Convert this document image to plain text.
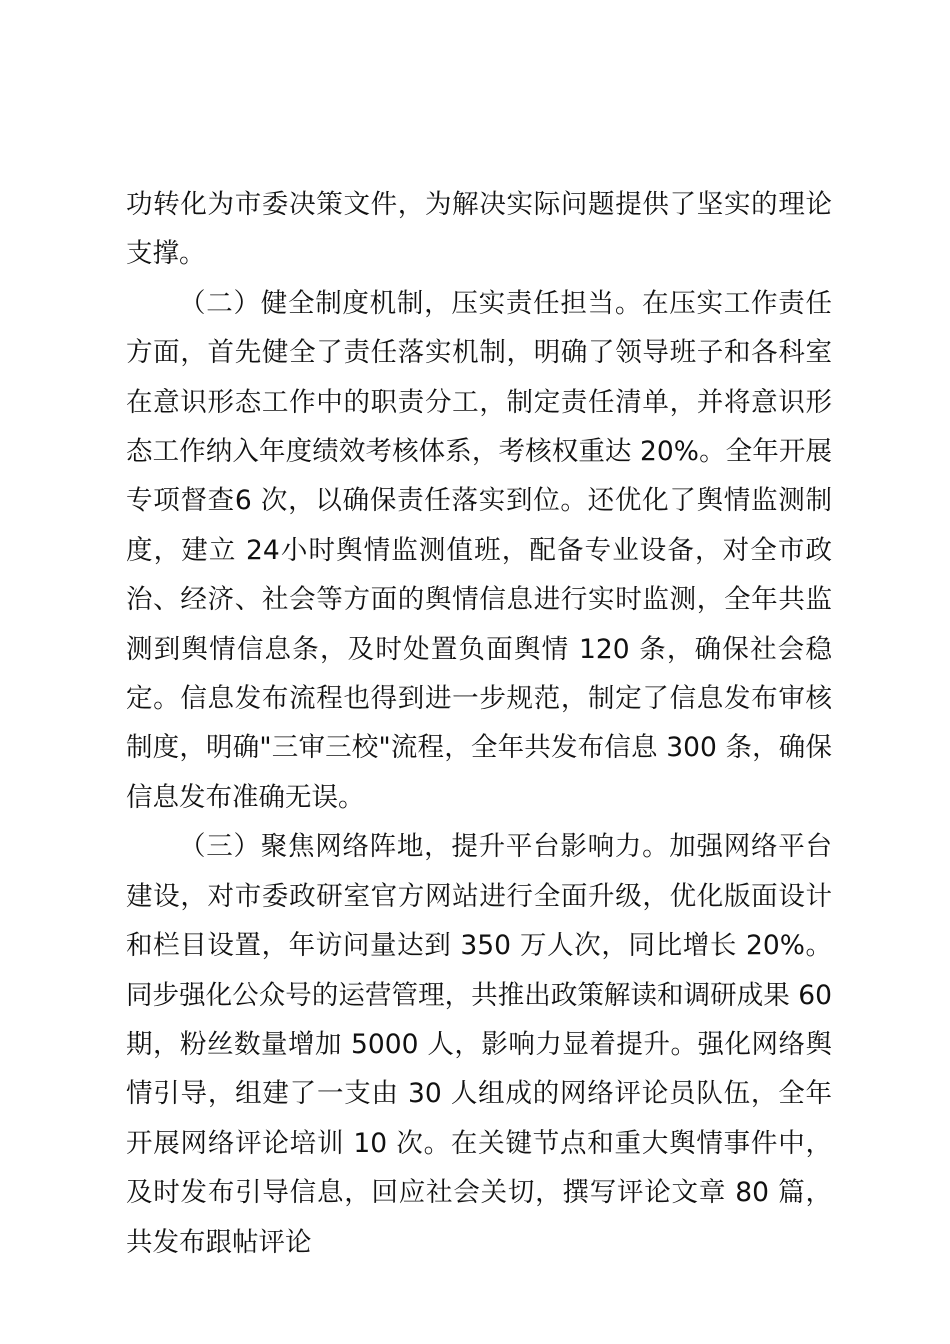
功转化为市委决策文件，为解决实际问题提供了坚实的理论支撑。

（二）健全制度机制，压实责任担当。在压实工作责任方面，首先健全了责任落实机制，明确了领导班子和各科室在意识形态工作中的职责分工，制定责任清单，并将意识形态工作纳入年度绩效考核体系，考核权重达 20%。全年开展专项督查6 次，以确保责任落实到位。还优化了舆情监测制度，建立 24小时舆情监测值班，配备专业设备，对全市政治、经济、社会等方面的舆情信息进行实时监测，全年共监测到舆情信息条，及时处置负面舆情 120 条，确保社会稳定。信息发布流程也得到进一步规范，制定了信息发布审核制度，明确"三审三校"流程，全年共发布信息 300 条，确保信息发布准确无误。

（三）聚焦网络阵地，提升平台影响力。加强网络平台建设，对市委政研室官方网站进行全面升级，优化版面设计和栏目设置，年访问量达到 350 万人次，同比增长 20%。同步强化公众号的运营管理，共推出政策解读和调研成果 60 期，粉丝数量增加 5000 人，影响力显着提升。强化网络舆情引导，组建了一支由 30 人组成的网络评论员队伍，全年开展网络评论培训 10 次。在关键节点和重大舆情事件中，及时发布引导信息，回应社会关切，撰写评论文章 80 篇，共发布跟帖评论
